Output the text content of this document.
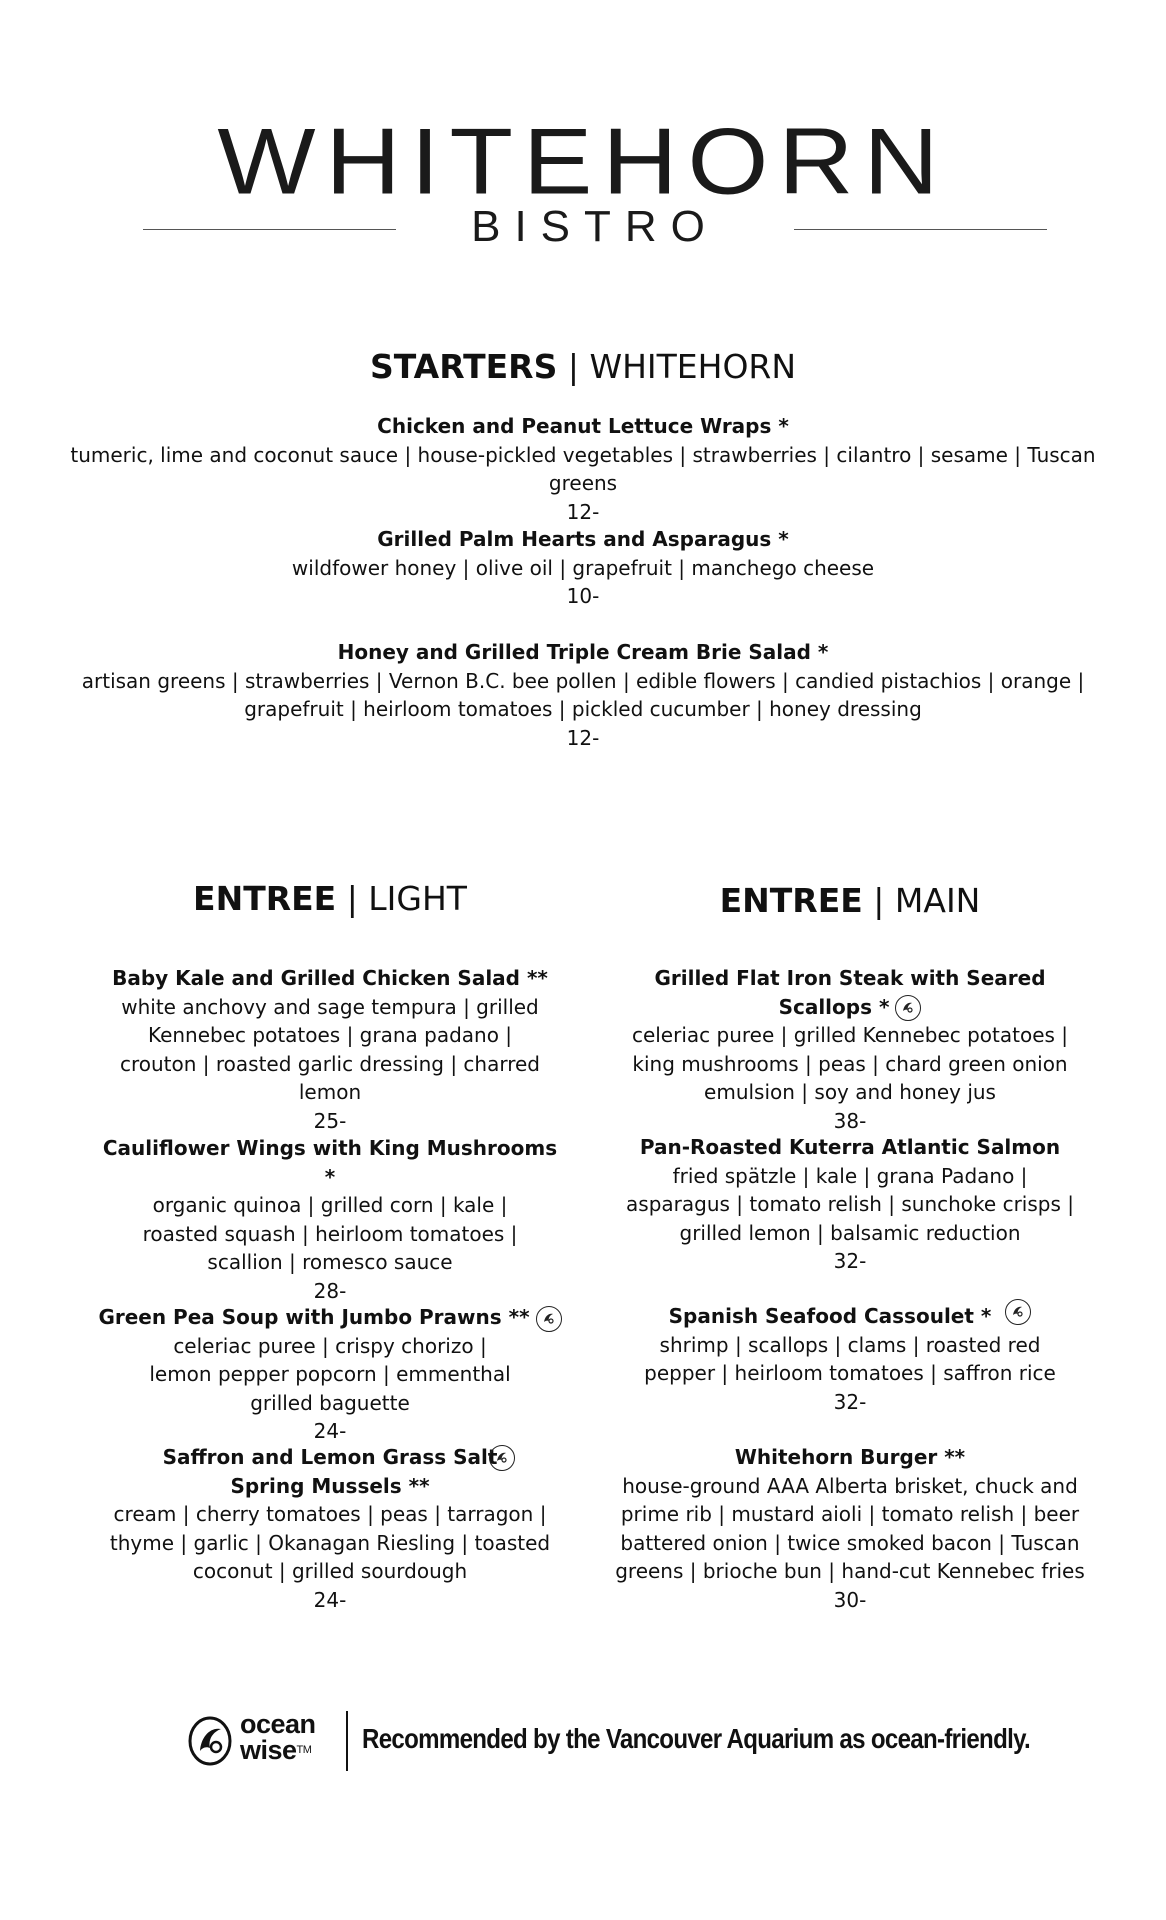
WHITEHORN
BISTRO
STARTERS | WHITEHORN
Chicken and Peanut Lettuce Wraps *
tumeric, lime and coconut sauce | house-pickled vegetables | strawberries | cilantro | sesame | Tuscan greens
12-
Grilled Palm Hearts and Asparagus *
wildfower honey | olive oil | grapefruit | manchego cheese
10-
Honey and Grilled Triple Cream Brie Salad *
artisan greens | strawberries | Vernon B.C. bee pollen | edible flowers | candied pistachios | orange | grapefruit | heirloom tomatoes | pickled cucumber | honey dressing
12-
ENTREE | LIGHT	ENTREE | MAIN
Baby Kale and Grilled Chicken Salad **
white anchovy and sage tempura | grilled Kennebec potatoes | grana padano | crouton | roasted garlic dressing | charred lemon
25-
Cauliflower Wings with King Mushrooms *
organic quinoa | grilled corn | kale | roasted squash | heirloom tomatoes | scallion | romesco sauce
28-
Green Pea Soup with Jumbo Prawns **
celeriac puree | crispy chorizo | lemon pepper popcorn | emmenthal grilled baguette
24-
Saffron and Lemon Grass Salt Spring Mussels **
cream | cherry tomatoes | peas | tarragon | thyme | garlic | Okanagan Riesling | toasted coconut | grilled sourdough
24-
Grilled Flat Iron Steak with Seared Scallops *
celeriac puree | grilled Kennebec potatoes | king mushrooms | peas | chard green onion emulsion | soy and honey jus
38-
Pan-Roasted Kuterra Atlantic Salmon
fried spätzle | kale | grana Padano | asparagus | tomato relish | sunchoke crisps | grilled lemon | balsamic reduction
32-
Spanish Seafood Cassoulet *
shrimp | scallops | clams | roasted red pepper | heirloom tomatoes | saffron rice
32-
Whitehorn Burger **
house-ground AAA Alberta brisket, chuck and prime rib | mustard aioli | tomato relish | beer battered onion | twice smoked bacon | Tuscan greens | brioche bun | hand-cut Kennebec fries
30-
ocean
wise™ Recommended by the Vancouver Aquarium as ocean-friendly.
